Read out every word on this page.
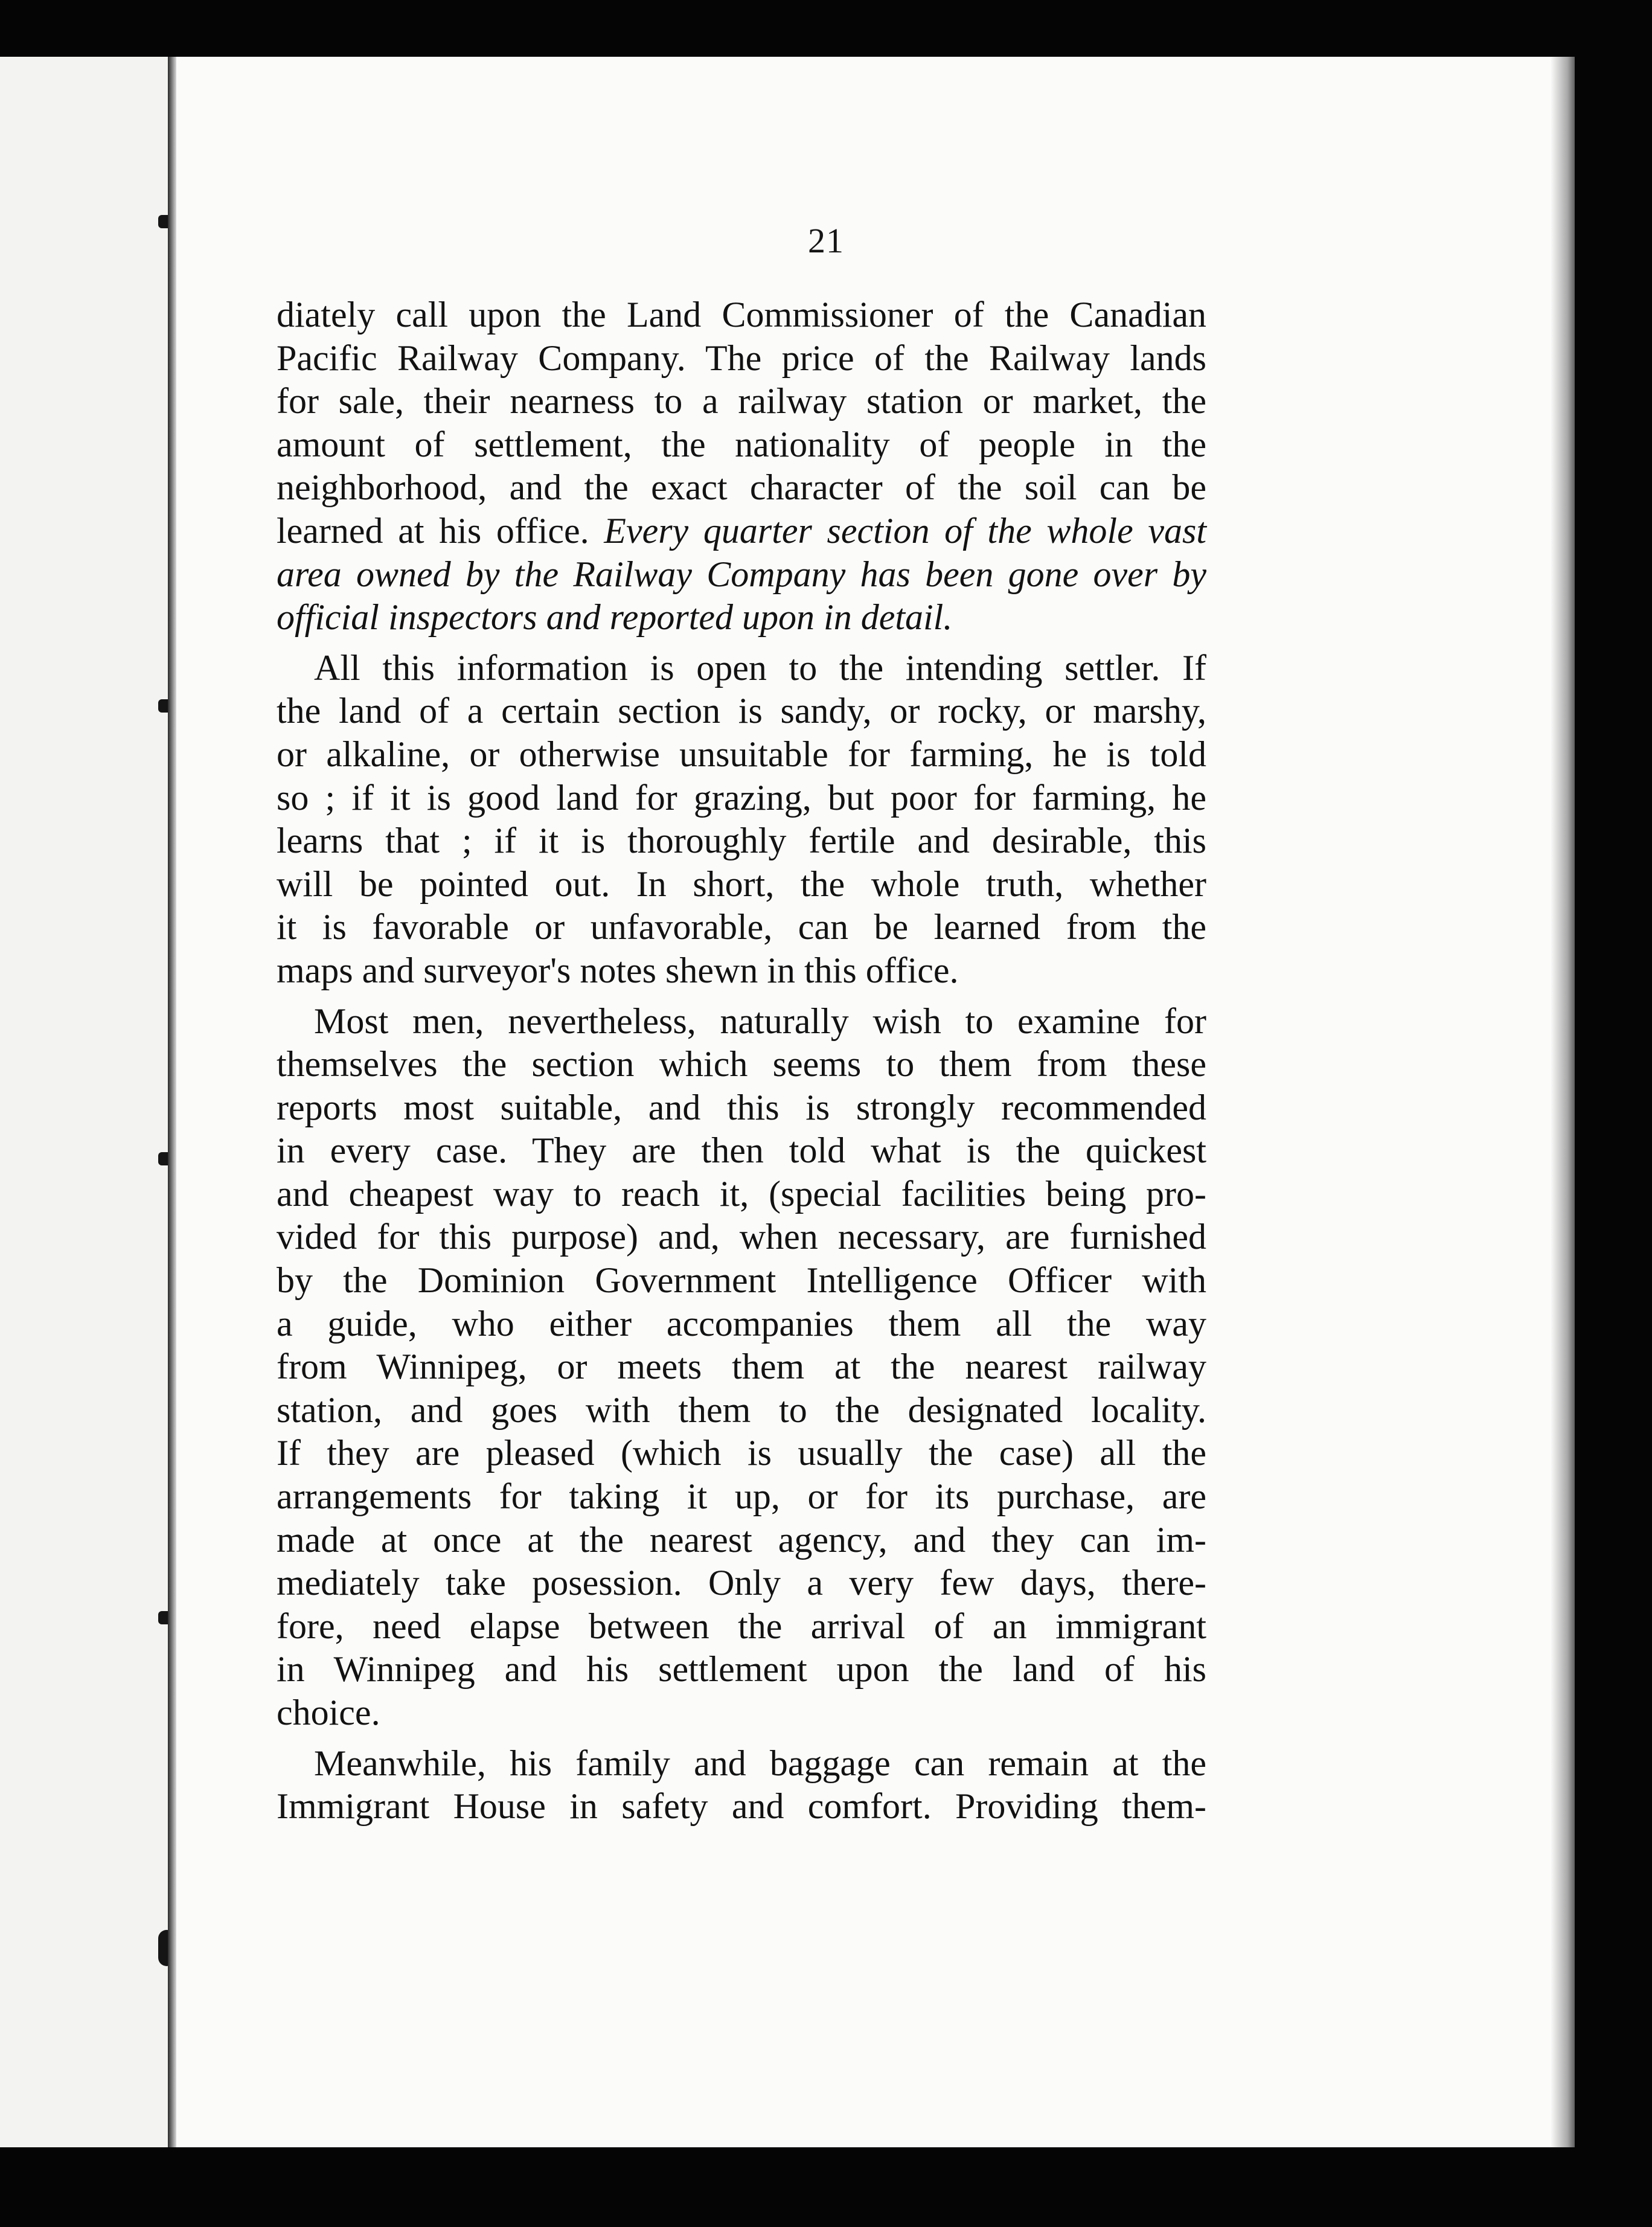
21
diately call upon the Land Commissioner of the Canadian
Pacific Railway Company. The price of the Railway lands
for sale, their nearness to a railway station or market, the
amount of settlement, the nationality of people in the
neighborhood, and the exact character of the soil can be
learned at his office. Every quarter section of the whole vast
area owned by the Railway Company has been gone over by
official inspectors and reported upon in detail.
All this information is open to the intending settler. If
the land of a certain section is sandy, or rocky, or marshy,
or alkaline, or otherwise unsuitable for farming, he is told
so ; if it is good land for grazing, but poor for farming, he
learns that ; if it is thoroughly fertile and desirable, this
will be pointed out. In short, the whole truth, whether
it is favorable or unfavorable, can be learned from the
maps and surveyor's notes shewn in this office.
Most men, nevertheless, naturally wish to examine for
themselves the section which seems to them from these
reports most suitable, and this is strongly recommended
in every case. They are then told what is the quickest
and cheapest way to reach it, (special facilities being pro-
vided for this purpose) and, when necessary, are furnished
by the Dominion Government Intelligence Officer with
a guide, who either accompanies them all the way
from Winnipeg, or meets them at the nearest railway
station, and goes with them to the designated locality.
If they are pleased (which is usually the case) all the
arrangements for taking it up, or for its purchase, are
made at once at the nearest agency, and they can im-
mediately take posession. Only a very few days, there-
fore, need elapse between the arrival of an immigrant
in Winnipeg and his settlement upon the land of his
choice.
Meanwhile, his family and baggage can remain at the
Immigrant House in safety and comfort. Providing them-
